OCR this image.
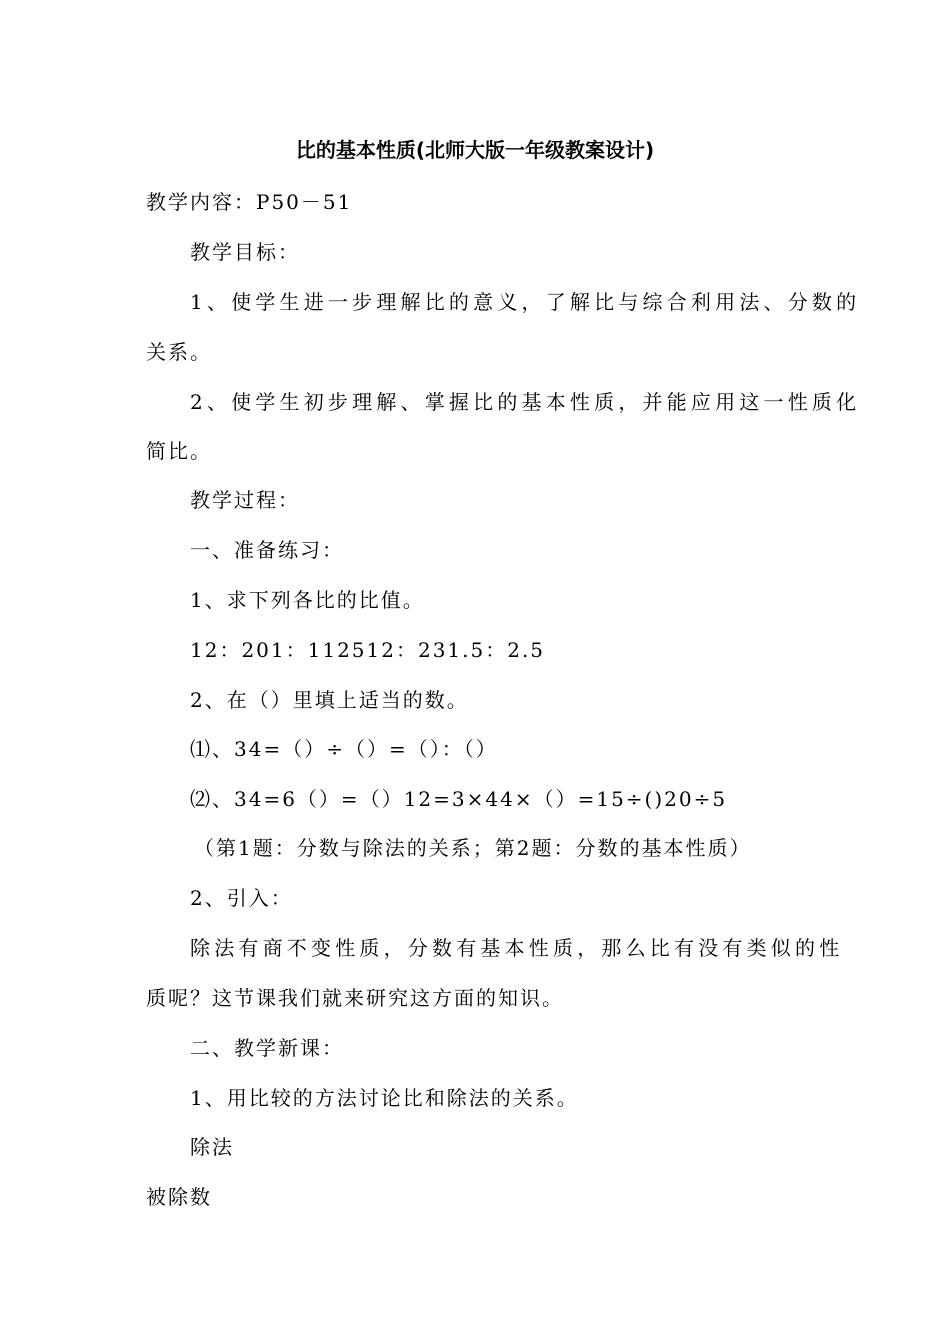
比的基本性质(北师大版一年级教案设计)
教学内容：P50－51
教学目标：
1、使学生进一步理解比的意义，了解比与综合利用法、分数的
关系。
2、使学生初步理解、掌握比的基本性质，并能应用这一性质化
简比。
教学过程：
一、准备练习：
1、求下列各比的比值。
12：201：112512：231.5：2.5
2、在（）里填上适当的数。
⑴、34=（）÷（）=（）：（）
⑵、34=6（）=（）12=3×44×（）=15÷()20÷5
（第1题：分数与除法的关系；第2题：分数的基本性质）
2、引入：
除法有商不变性质，分数有基本性质，那么比有没有类似的性
质呢？这节课我们就来研究这方面的知识。
二、教学新课：
1、用比较的方法讨论比和除法的关系。
除法
被除数
